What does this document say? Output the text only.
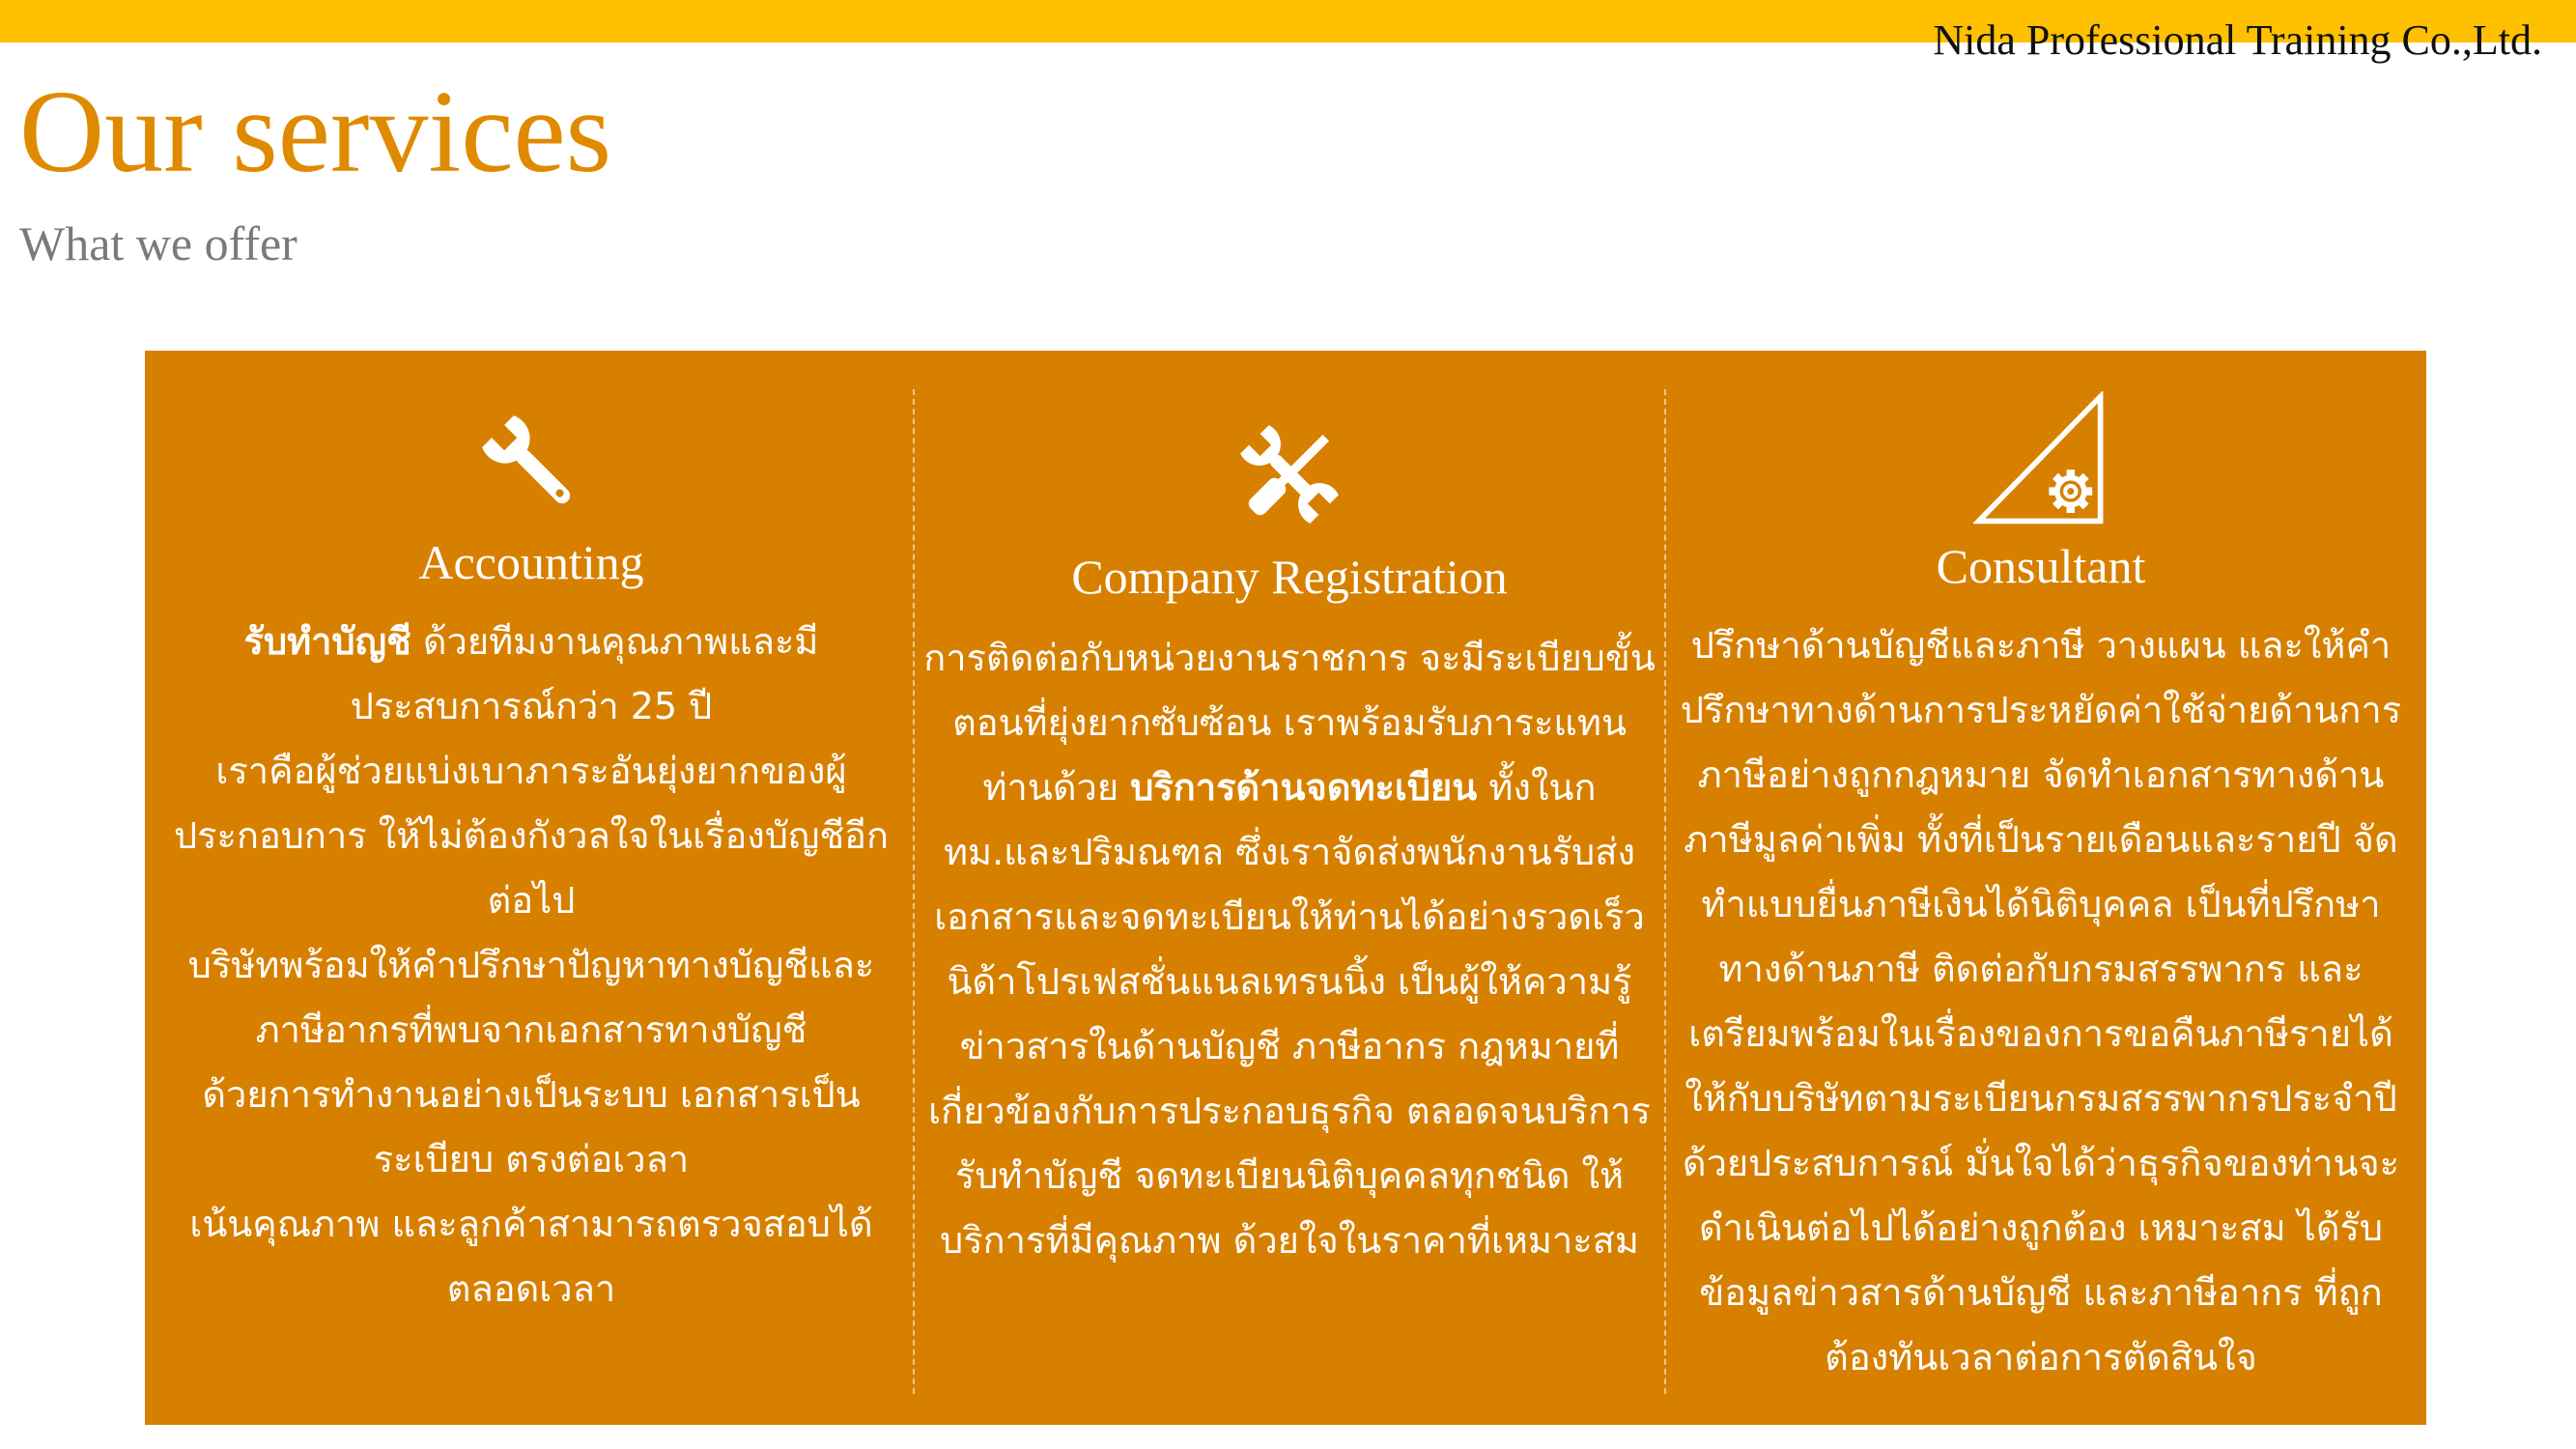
Nida Professional Training Co.,Ltd.
Our services
What we offer
Accounting

รับทำบัญชี ด้วยทีมงานคุณภาพและมีประสบการณ์กว่า 25 ปี

เราคือผู้ช่วยแบ่งเบาภาระอันยุ่งยากของผู้ประกอบการ ให้ไม่ต้องกังวลใจในเรื่องบัญชีอีกต่อไป

บริษัทพร้อมให้คำปรึกษาปัญหาทางบัญชีและภาษีอากรที่พบจากเอกสารทางบัญชี

ด้วยการทำงานอย่างเป็นระบบ เอกสารเป็นระเบียบ ตรงต่อเวลา

เน้นคุณภาพ และลูกค้าสามารถตรวจสอบได้ตลอดเวลา

Company Registration

การติดต่อกับหน่วยงานราชการ จะมีระเบียบขั้นตอนที่ยุ่งยากซับซ้อน เราพร้อมรับภาระแทนท่านด้วย บริการด้านจดทะเบียน ทั้งในกทม.และปริมณฑล ซึ่งเราจัดส่งพนักงานรับส่งเอกสารและจดทะเบียนให้ท่านได้อย่างรวดเร็ว นิด้าโปรเฟสชั่นแนลเทรนนิ้ง เป็นผู้ให้ความรู้ข่าวสารในด้านบัญชี ภาษีอากร กฎหมายที่เกี่ยวข้องกับการประกอบธุรกิจ ตลอดจนบริการรับทำบัญชี จดทะเบียนนิติบุคคลทุกชนิด ให้บริการที่มีคุณภาพ ด้วยใจในราคาที่เหมาะสม

Consultant

ปรึกษาด้านบัญชีและภาษี วางแผน และให้คำปรึกษาทางด้านการประหยัดค่าใช้จ่ายด้านการภาษีอย่างถูกกฎหมาย จัดทำเอกสารทางด้านภาษีมูลค่าเพิ่ม ทั้งที่เป็นรายเดือนและรายปี จัดทำแบบยื่นภาษีเงินได้นิติบุคคล เป็นที่ปรึกษาทางด้านภาษี ติดต่อกับกรมสรรพากร และเตรียมพร้อมในเรื่องของการขอคืนภาษีรายได้ ให้กับบริษัทตามระเบียนกรมสรรพากรประจำปี

ด้วยประสบการณ์ มั่นใจได้ว่าธุรกิจของท่านจะดำเนินต่อไปได้อย่างถูกต้อง เหมาะสม ได้รับข้อมูลข่าวสารด้านบัญชี และภาษีอากร ที่ถูกต้องทันเวลาต่อการตัดสินใจ
